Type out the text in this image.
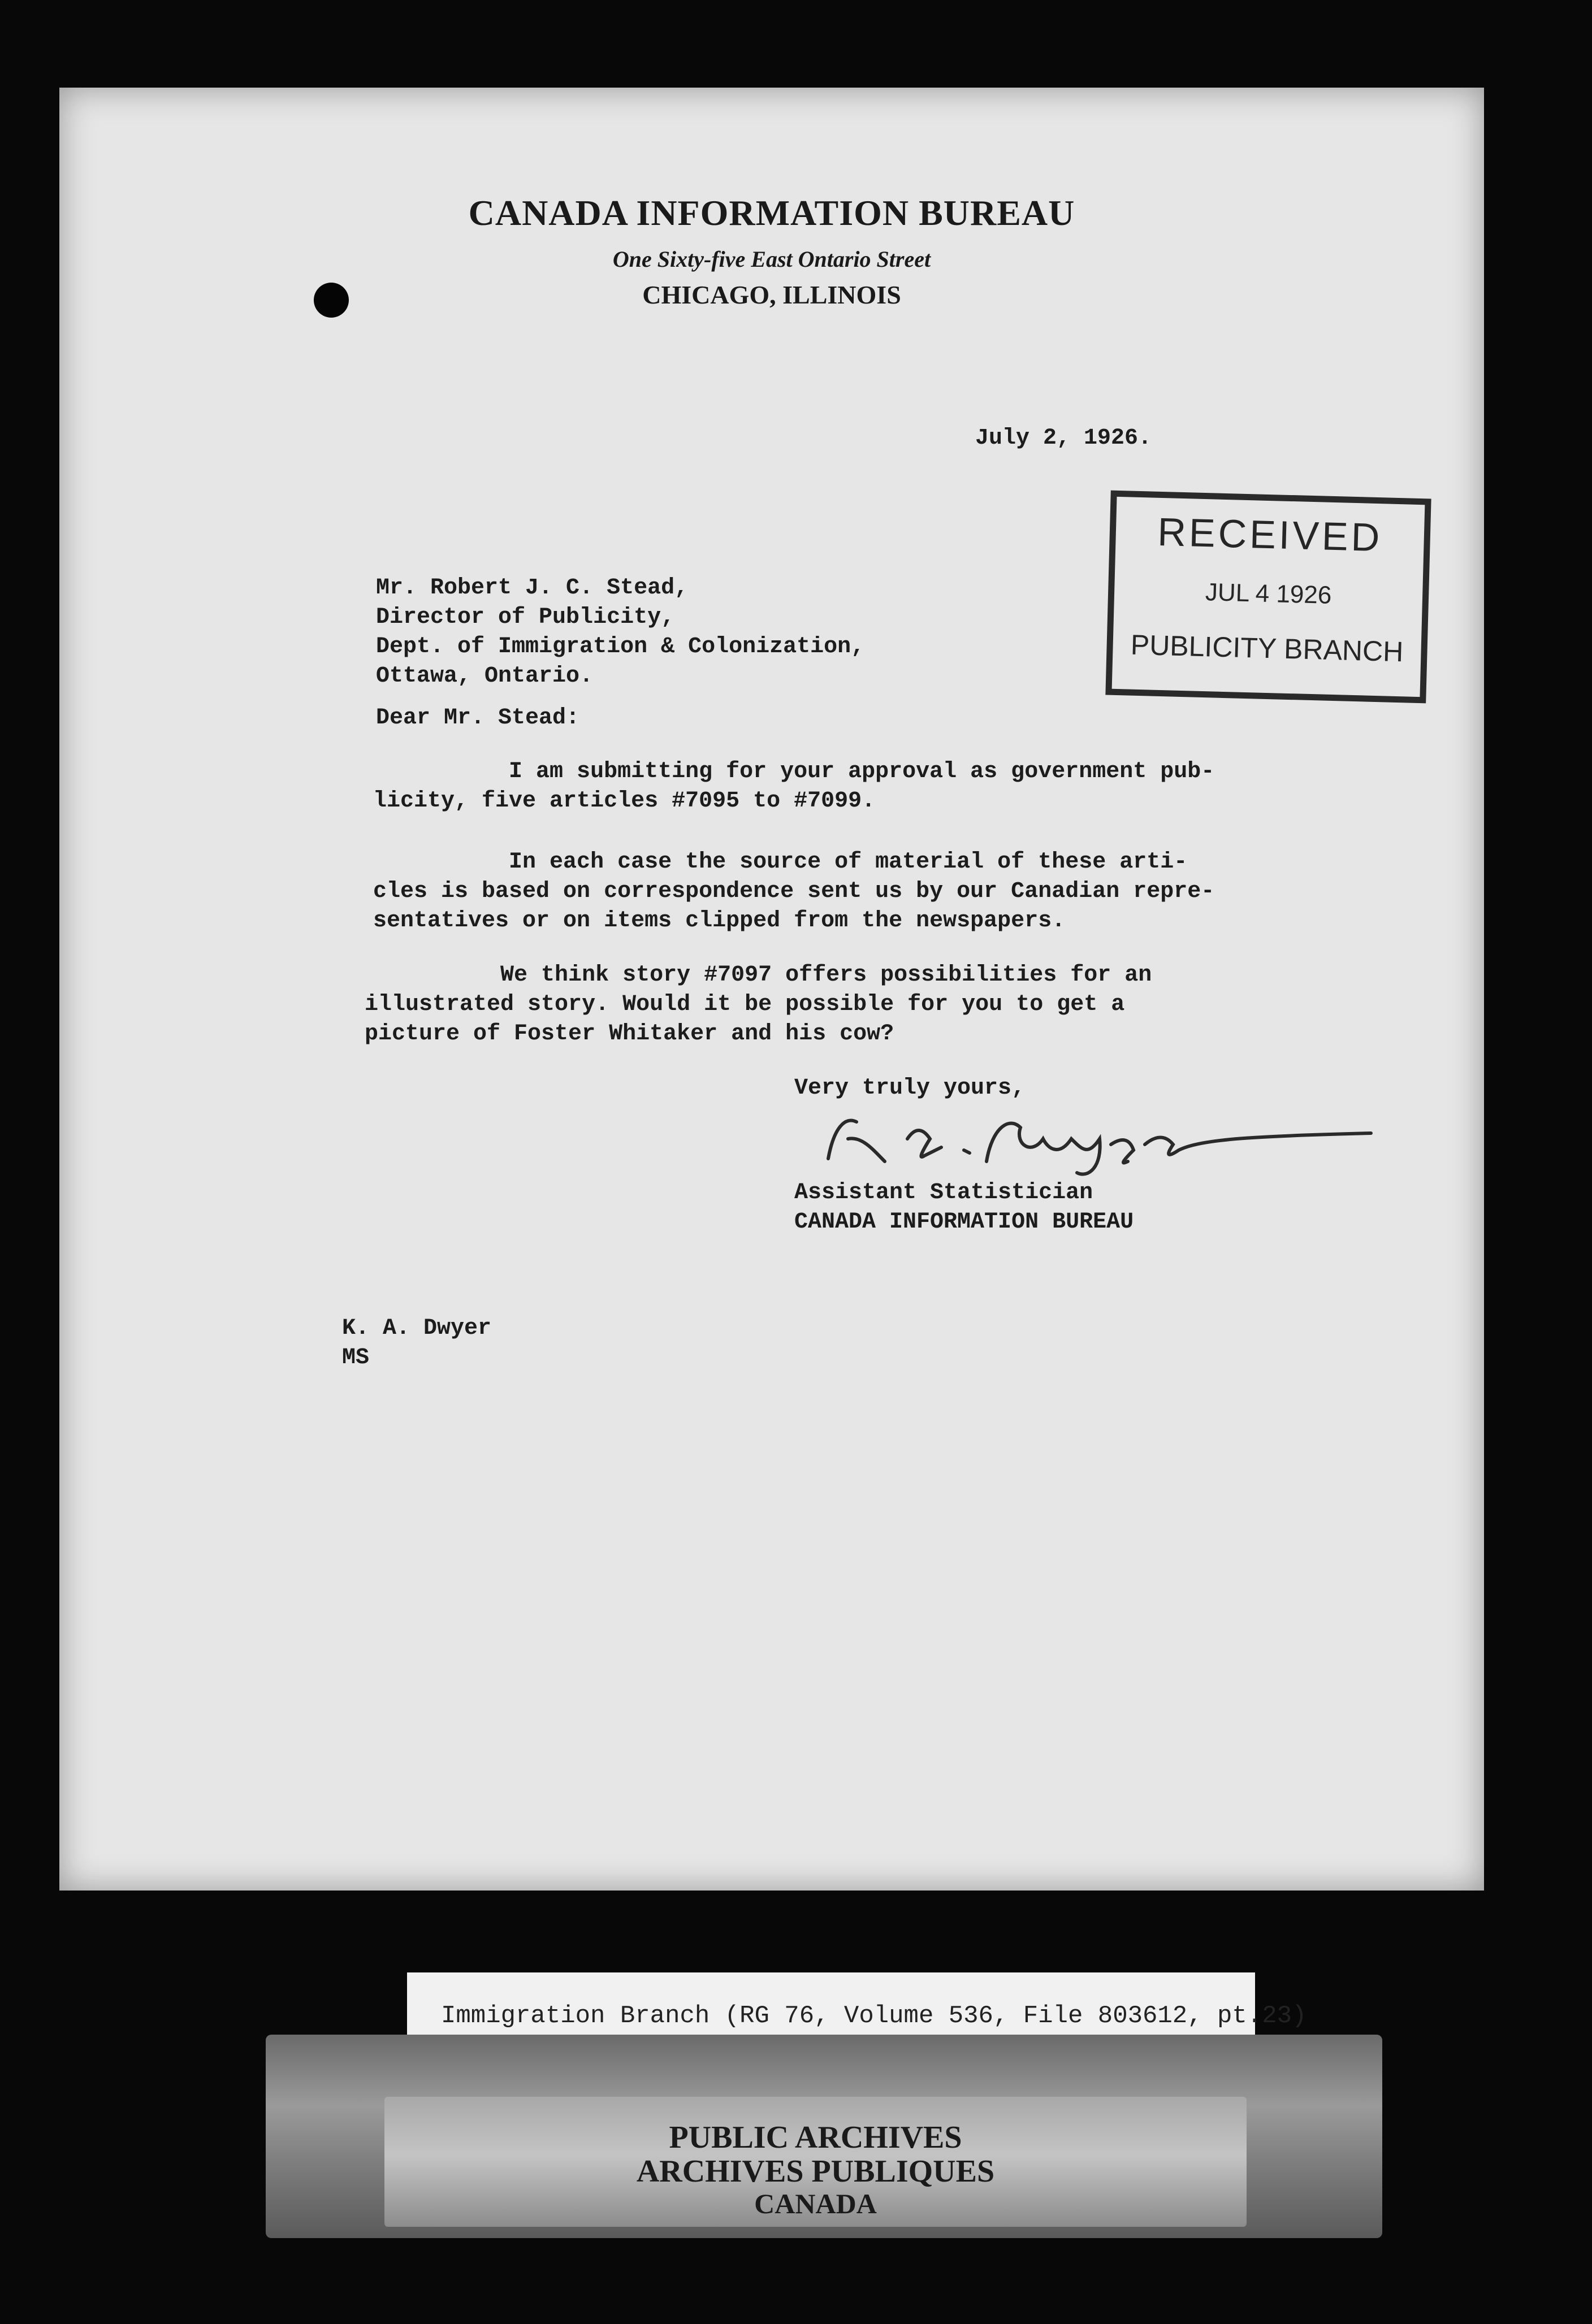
CANADA INFORMATION BUREAU
One Sixty-five East Ontario Street
CHICAGO, ILLINOIS
July 2, 1926.
RECEIVED
JUL 4 1926
PUBLICITY BRANCH
Mr. Robert J. C. Stead,
Director of Publicity,
Dept. of Immigration & Colonization,
Ottawa, Ontario.
Dear Mr. Stead:
I am submitting for your approval as government pub-
licity, five articles #7095 to #7099.
In each case the source of material of these arti-
cles is based on correspondence sent us by our Canadian repre-
sentatives or on items clipped from the newspapers.
We think story #7097 offers possibilities for an
illustrated story. Would it be possible for you to get a
picture of Foster Whitaker and his cow?
Very truly yours,
Assistant Statistician
CANADA INFORMATION BUREAU
K. A. Dwyer
MS
PUBLIC ARCHIVES
ARCHIVES PUBLIQUES
CANADA
Immigration Branch (RG 76, Volume 536, File 803612, pt.23)
